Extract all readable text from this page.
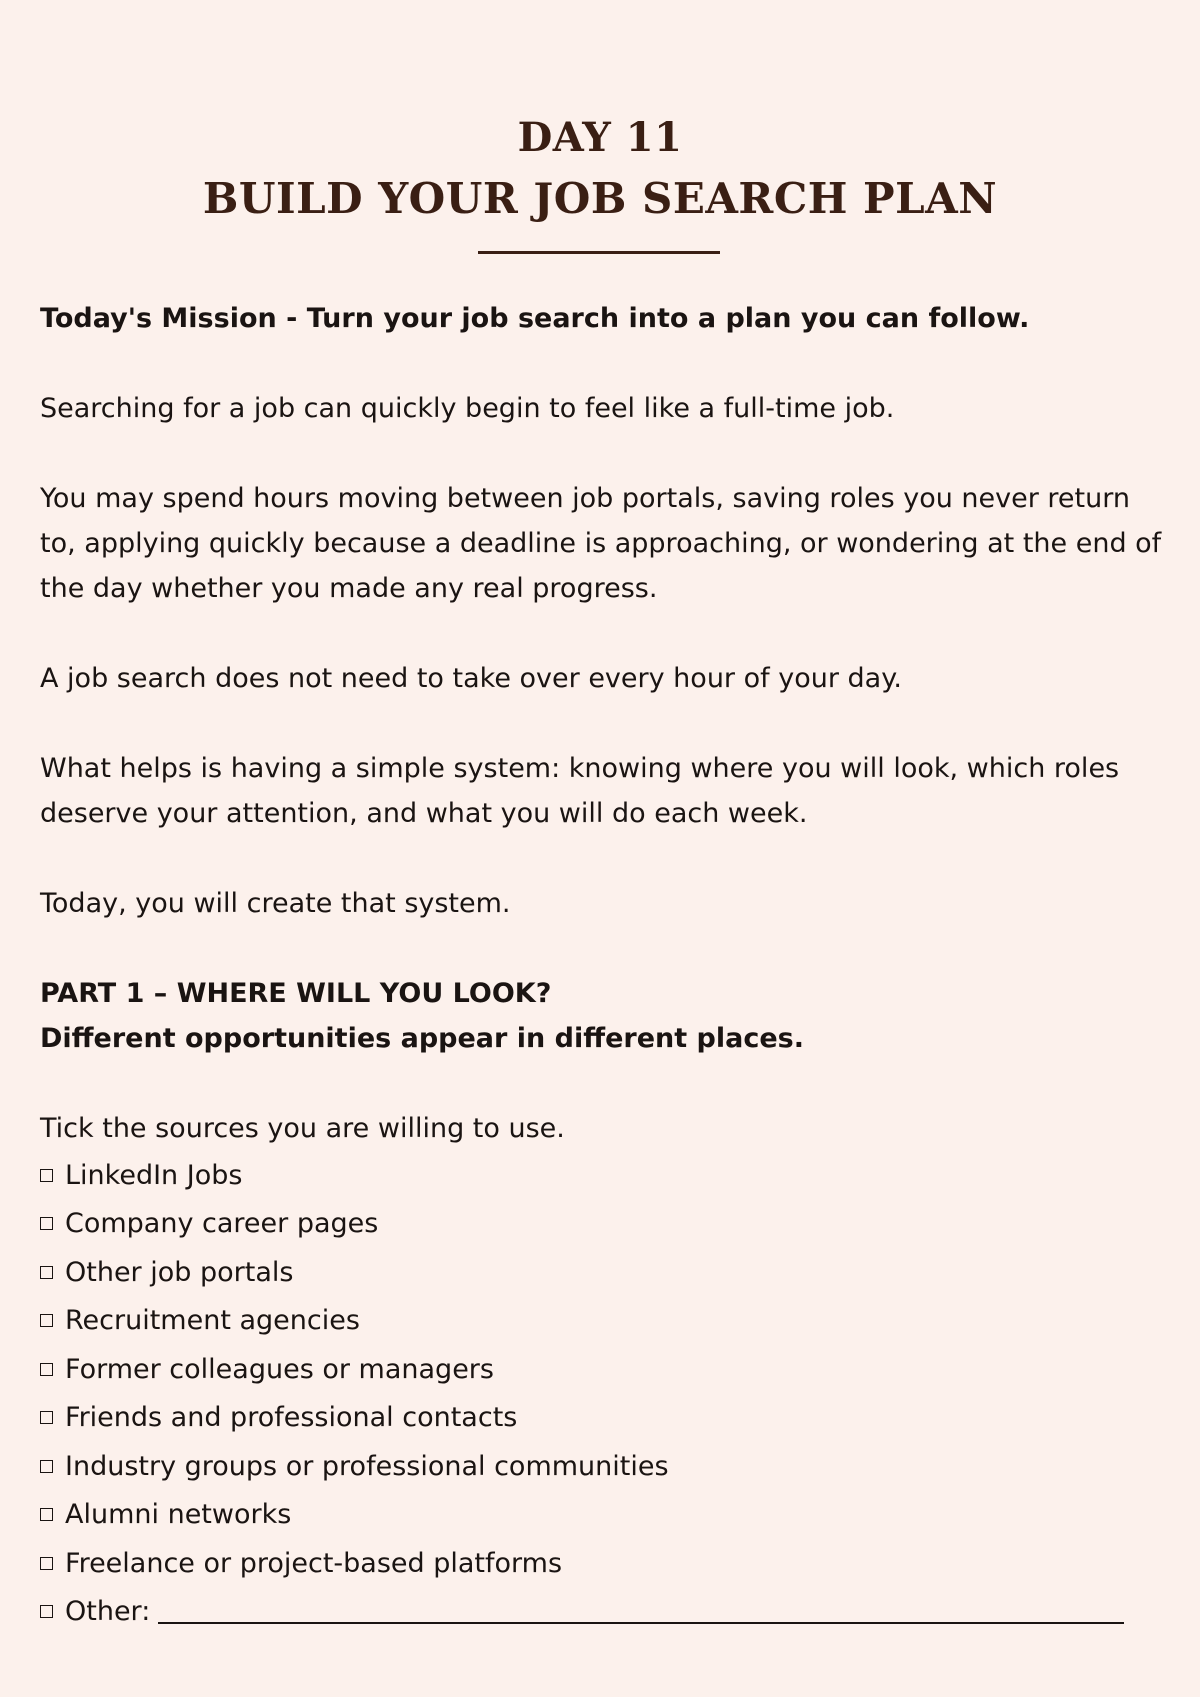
DAY 11
BUILD YOUR JOB SEARCH PLAN

Today's Mission - Turn your job search into a plan you can follow.

Searching for a job can quickly begin to feel like a full-time job.

You may spend hours moving between job portals, saving roles you never return to, applying quickly because a deadline is approaching, or wondering at the end of the day whether you made any real progress.

A job search does not need to take over every hour of your day.

What helps is having a simple system: knowing where you will look, which roles deserve your attention, and what you will do each week.

Today, you will create that system.

PART 1 – WHERE WILL YOU LOOK?

Different opportunities appear in different places.

Tick the sources you are willing to use.

LinkedIn Jobs
Company career pages
Other job portals
Recruitment agencies
Former colleagues or managers
Friends and professional contacts
Industry groups or professional communities
Alumni networks
Freelance or project-based platforms
Other:
